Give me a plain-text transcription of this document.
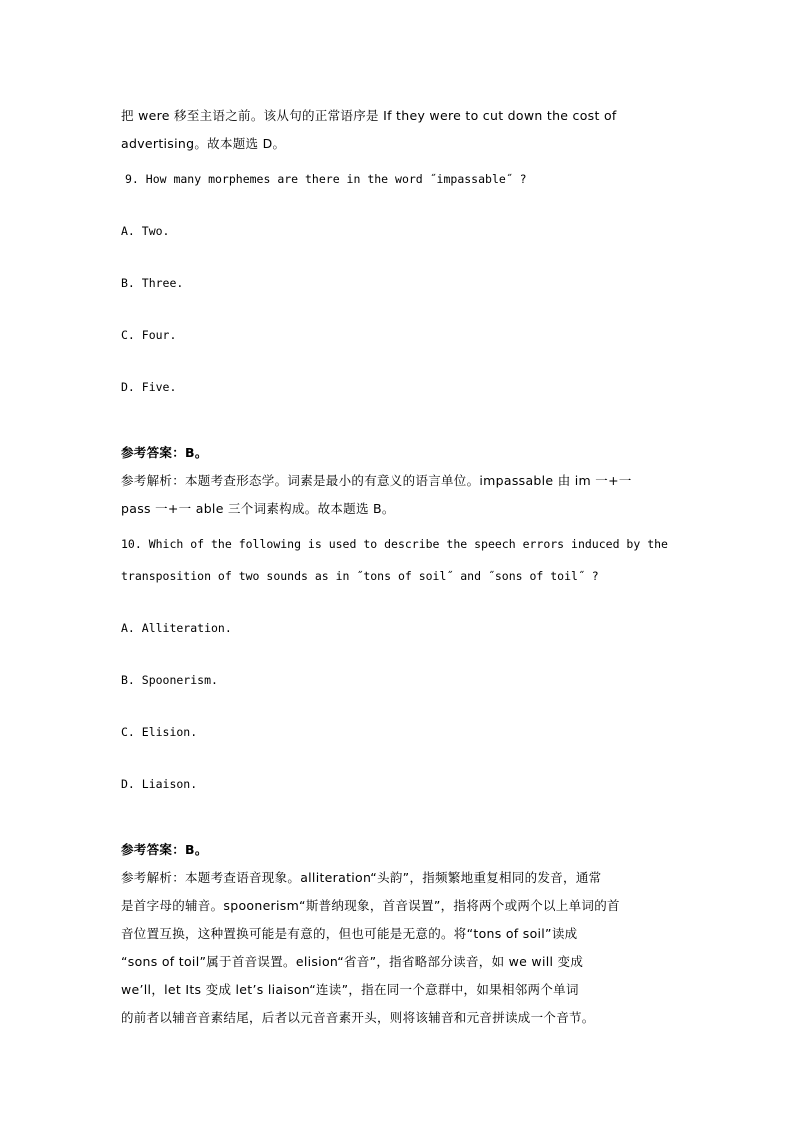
把 were 移至主语之前。该从句的正常语序是 If they were to cut down the cost of
advertising。故本题选 D。
9. How many morphemes are there in the word ˝impassable˝ ?
A. Two.
B. Three.
C. Four.
D. Five.
参考答案：B。
参考解析：本题考查形态学。词素是最小的有意义的语言单位。impassable 由 im 一+一
pass 一+一 able 三个词素构成。故本题选 B。
10. Which of the following is used to describe the speech errors induced by the
transposition of two sounds as in ˝tons of soil˝ and ˝sons of toil˝ ?
A. Alliteration.
B. Spoonerism.
C. Elision.
D. Liaison.
参考答案：B。
参考解析：本题考查语音现象。alliteration“头韵”，指频繁地重复相同的发音，通常
是首字母的辅音。spoonerism“斯普纳现象，首音误置”，指将两个或两个以上单词的首
音位置互换，这种置换可能是有意的，但也可能是无意的。将“tons of soil”读成
“sons of toil”属于首音误置。elision“省音”，指省略部分读音，如 we will 变成
we’ll，let Its 变成 let’s liaison“连读”，指在同一个意群中，如果相邻两个单词
的前者以辅音音素结尾，后者以元音音素开头，则将该辅音和元音拼读成一个音节。
